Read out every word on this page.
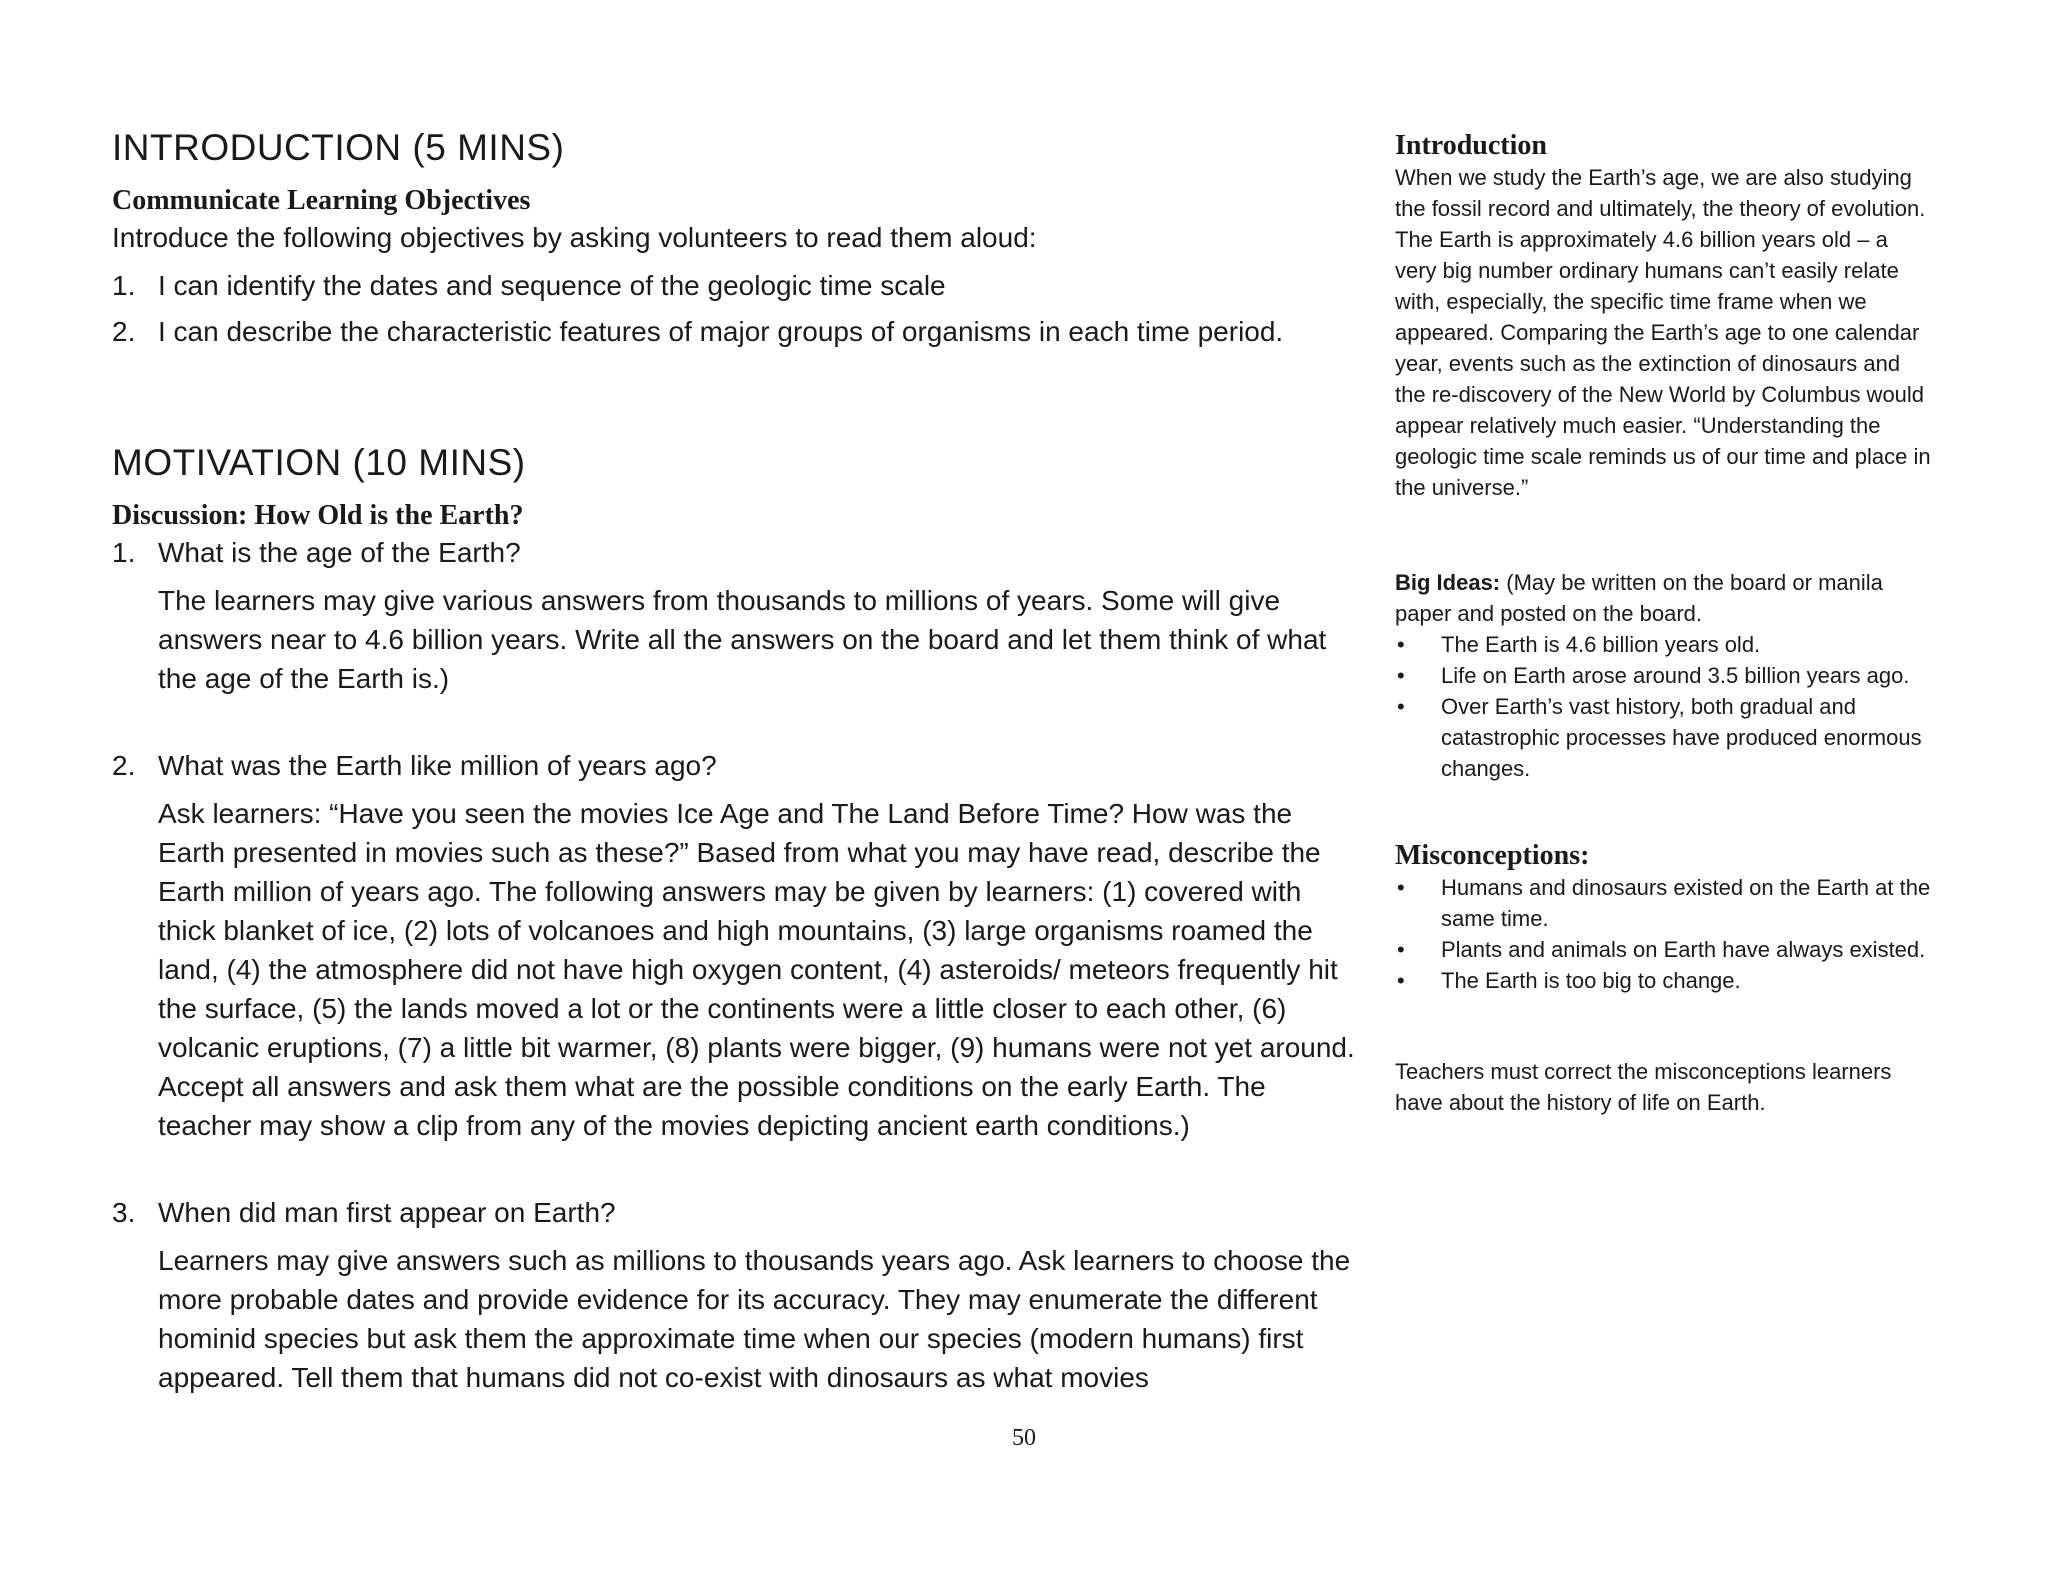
INTRODUCTION (5 MINS)

Communicate Learning Objectives

Introduce the following objectives by asking volunteers to read them aloud:

1. I can identify the dates and sequence of the geologic time scale
2. I can describe the characteristic features of major groups of organisms in each time period.
MOTIVATION (10 MINS)

Discussion: How Old is the Earth?

1. What is the age of the Earth?

The learners may give various answers from thousands to millions of years. Some will give answers near to 4.6 billion years. Write all the answers on the board and let them think of what the age of the Earth is.)

2. What was the Earth like million of years ago?

Ask learners: “Have you seen the movies Ice Age and The Land Before Time? How was the Earth presented in movies such as these?” Based from what you may have read, describe the Earth million of years ago. The following answers may be given by learners: (1) covered with thick blanket of ice, (2) lots of volcanoes and high mountains, (3) large organisms roamed the land, (4) the atmosphere did not have high oxygen content, (4) asteroids/ meteors frequently hit the surface, (5) the lands moved a lot or the continents were a little closer to each other, (6) volcanic eruptions, (7) a little bit warmer, (8) plants were bigger, (9) humans were not yet around. Accept all answers and ask them what are the possible conditions on the early Earth. The teacher may show a clip from any of the movies depicting ancient earth conditions.)

3. When did man first appear on Earth?

Learners may give answers such as millions to thousands years ago. Ask learners to choose the more probable dates and provide evidence for its accuracy. They may enumerate the different hominid species but ask them the approximate time when our species (modern humans) first appeared. Tell them that humans did not co-exist with dinosaurs as what movies

Introduction

When we study the Earth’s age, we are also studying the fossil record and ultimately, the theory of evolution. The Earth is approximately 4.6 billion years old – a very big number ordinary humans can’t easily relate with, especially, the specific time frame when we appeared. Comparing the Earth’s age to one calendar year, events such as the extinction of dinosaurs and the re-discovery of the New World by Columbus would appear relatively much easier. “Understanding the geologic time scale reminds us of our time and place in the universe.”

Big Ideas: (May be written on the board or manila paper and posted on the board.

• The Earth is 4.6 billion years old.
• Life on Earth arose around 3.5 billion years ago.
• Over Earth’s vast history, both gradual and catastrophic processes have produced enormous changes.

Misconceptions:

• Humans and dinosaurs existed on the Earth at the same time.
• Plants and animals on Earth have always existed.
• The Earth is too big to change.

Teachers must correct the misconceptions learners have about the history of life on Earth.

50
